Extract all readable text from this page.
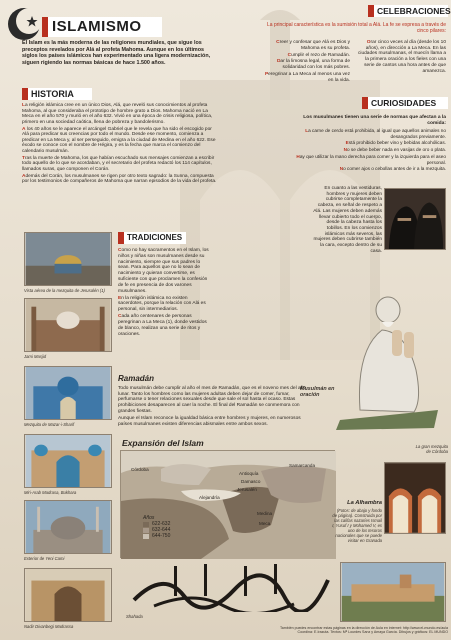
ISLAMISMO
El Islam es la más moderna de las religiones mundiales, que sigue los preceptos revelados por Alá al profeta Mahoma. Aunque en los últimos siglos los países islámicos han experimentado una ligera modernización, siguen rigiendo las normas básicas de hace 1.500 años.
HISTORIA

La religión islámica cree en un único Dios, Alá, que reveló sus conocimientos al profeta Mahoma, al que consideraba el prototipo de hombre grato a Dios. Mahoma nació en La Meca en el año 570 y murió en el año 632. Vivió en una época de crisis religiosa, política, primero en una sociedad caótica, llena de pobreza y bandolerismo.

A los 40 años se le aparece el arcángel Gabriel que le revela que ha sido el escogido por Alá para predicar sus creencias por todo el mundo. Desde ese momento, comienza a predicar en La Meca y, al ser perseguido, emigra a la ciudad de Medina en el año 622. Ese éxodo se conoce con el nombre de Hégira, y es la fecha que marca el comienzo del calendario musulmán.

Tras la muerte de Mahoma, los que habían escuchado sus mensajes comienzan a escribir todo aquello de lo que se acordaban, y el secretario del profeta redactó los 114 capítulos, llamados suras, que componen el Corán.

Además del Corán, los musulmanes se rigen por otro texto sagrado: la Sunna, compuesta por los testimonios de compañeros de Mahoma que narran episodios de la vida del profeta.

CELEBRACIONES
La principal característica es la sumisión total a Alá. La fe se expresa a través de cinco pilares:

Creer y confesar que Alá es Dios y Mahoma es su profeta.

Cumplir el rezo de Ramadán.

Dar la limosna legal, una forma de solidaridad con los más pobres.

Peregrinar a La Meca al menos una vez en la vida.

Orar cinco veces al día (desde los 10 años), en dirección a La Meca. En las ciudades musulmanas, el muecín llama a la primera oración a los fieles con una serie de cantos una hora antes de que amanezca.

CURIOSIDADES
Los musulmanes tienen una serie de normas que afectan a la comida:

La carne de cerdo está prohibida, al igual que aquellos animales no desangrados previamente.

Está prohibido beber vino y bebidas alcohólicas.

No se debe beber nada en vasijas de oro o plata.

Hay que utilizar la mano derecha para comer y la izquierda para el aseo personal.

No comer ajos o cebollas antes de ir a la mezquita.

En cuanto a las vestiduras, hombres y mujeres deben cubrirse completamente la cabeza, en señal de respeto a Alá. Las mujeres deben además llevar cubierto todo el cuerpo, desde la cabeza hasta los tobillos. En los comienzos islámicos más severos, las mujeres deben cubrirse también la cara, excepto dentro de su casa.
Vista aérea de la mezquita de Jerusalén (1)
Jami Masjid
Mezquita de Mazar-i-Sharif
Miri-Arab Madrasa, Bukhara
Exterior de Yeni Cami
Nadir Divanbegi Madrassa
TRADICIONES

Como no hay sacramentos en el Islam, los niños y niñas son musulmanes desde su nacimiento, siempre que sus padres lo sean. Para aquellos que no lo sean de nacimiento y quieran convertirse, es suficiente con que proclamen la confesión de fe en presencia de dos varones musulmanes.

En la religión islámica no existen sacerdotes, porque la relación con Alá es personal, sin intermediarios.

Cada año centenares de personas peregrinan a La Meca (1), donde vestidos de blanco, realizan una serie de ritos y oraciones.

Musulmán en oración
Ramadán
Todo musulmán debe cumplir al año el mes de Ramadán, que es el noveno mes del año lunar. Tanto los hombres como las mujeres adultas deben dejar de comer, fumar, perfumarse o tener relaciones sexuales desde que sale el sol hasta el ocaso. Estas prohibiciones desaparecen al caer la noche. El final del Ramadán se conmemora con grandes fiestas.
Aunque el Islam reconoce la igualdad básica entre hombres y mujeres, en numerosos países musulmanes existen diferencias abismales entre ambos sexos.
Expansión del Islam
Córdoba
Antioquía
Damasco
Jerusalén
Alejandría
Medina
Meca
Samarcanda
Años
622-632
632-644
644-750
La gran mezquita de Córdoba
La Alhambra
(Fotos: de abajo y fondo de página). Construida por las califas nazaríes Ismail I, Yusuf I y Mohamed V, es uno de los tesoros nacionales que se puede visitar en Granada
Shahada
También puedes encontrar estas páginas en la dirección de Aula en internet: http://www.el-mundo.es/aula
Coordina: E.Irazuta. Textos: Mª Lourdes Sanz y Amaya García. Dibujos y gráficos: EL MUNDO
